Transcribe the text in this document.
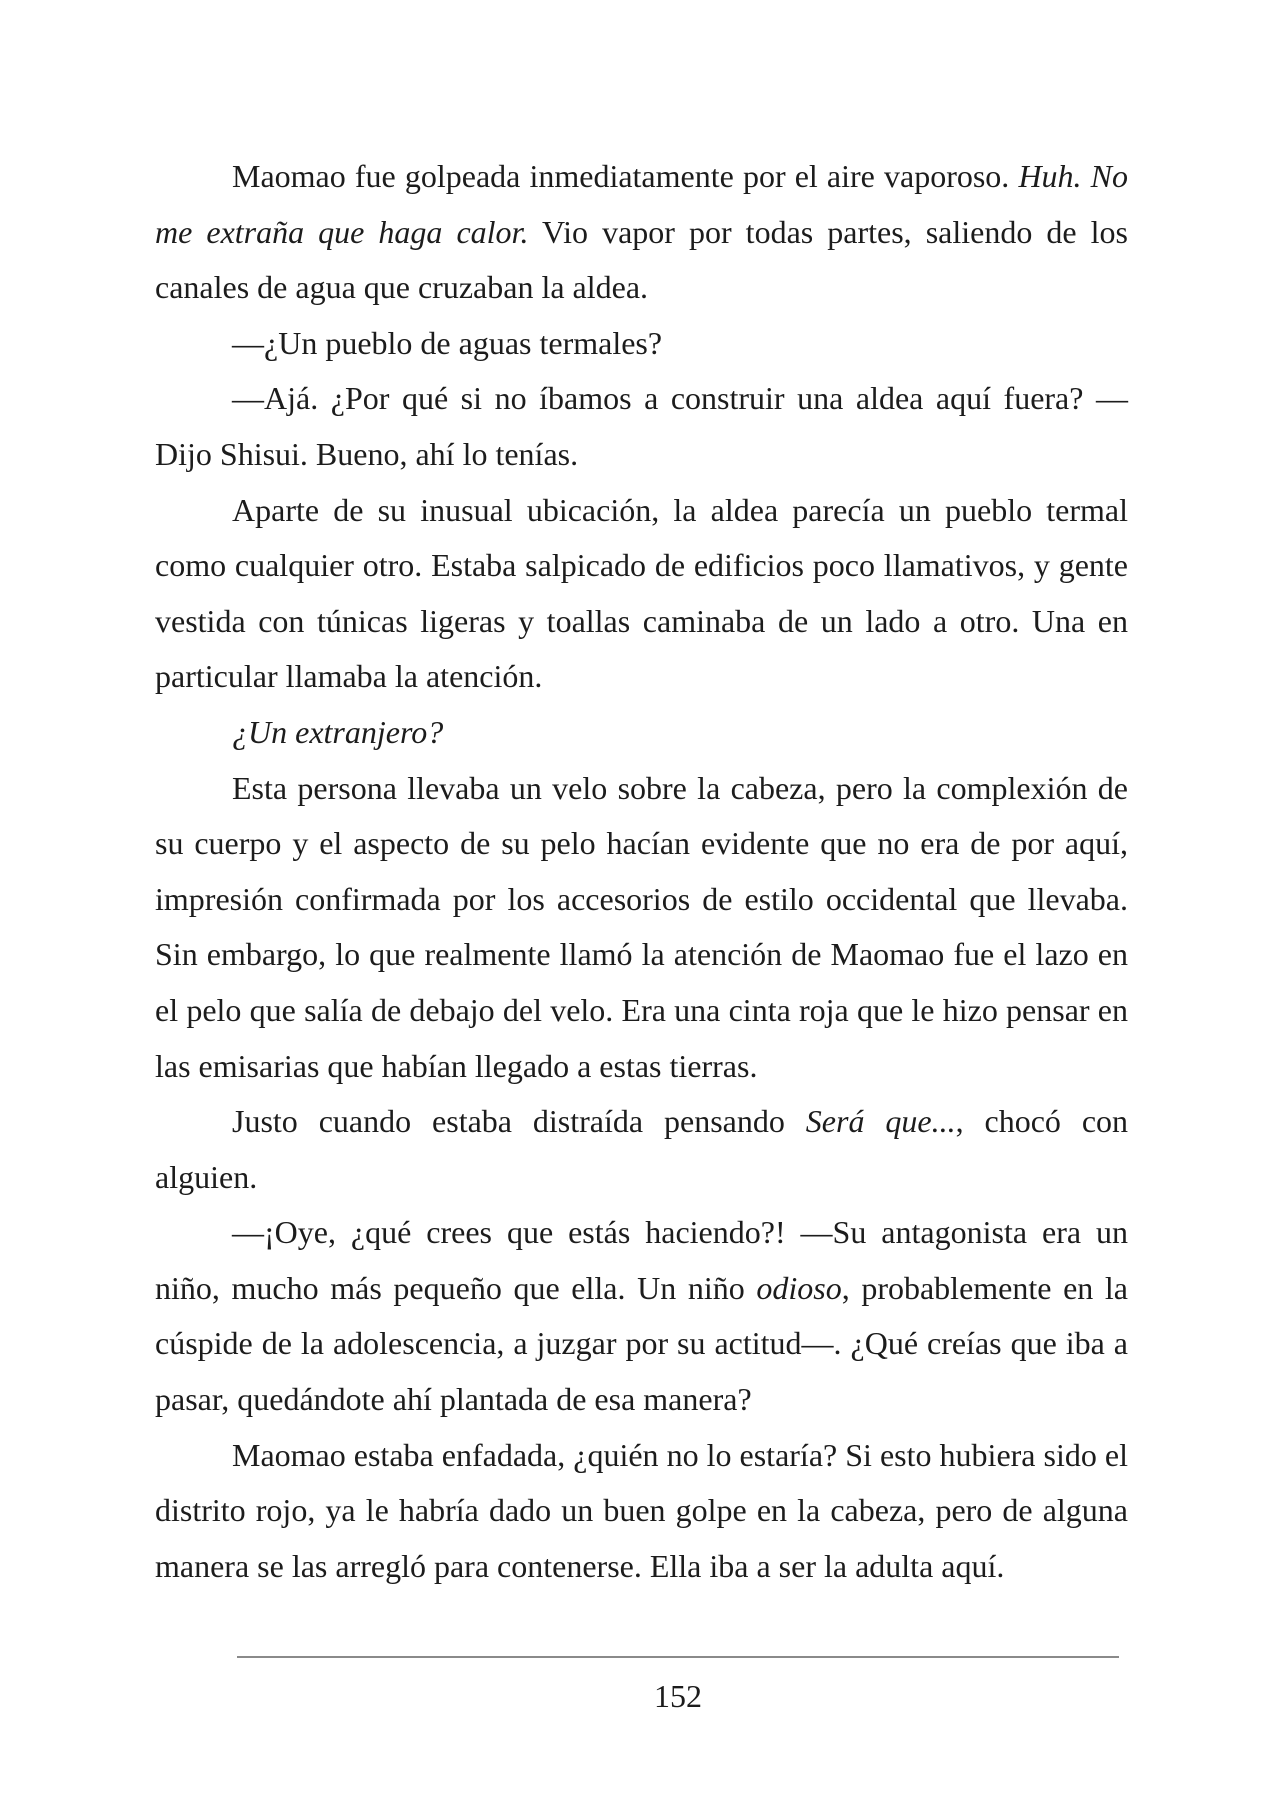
Maomao fue golpeada inmediatamente por el aire vaporoso. Huh. No me extraña que haga calor. Vio vapor por todas partes, saliendo de los canales de agua que cruzaban la aldea.

—¿Un pueblo de aguas termales?

—Ajá. ¿Por qué si no íbamos a construir una aldea aquí fuera? —Dijo Shisui. Bueno, ahí lo tenías.

Aparte de su inusual ubicación, la aldea parecía un pueblo termal como cualquier otro. Estaba salpicado de edificios poco llamativos, y gente vestida con túnicas ligeras y toallas caminaba de un lado a otro. Una en particular llamaba la atención.

¿Un extranjero?

Esta persona llevaba un velo sobre la cabeza, pero la complexión de su cuerpo y el aspecto de su pelo hacían evidente que no era de por aquí, impresión confirmada por los accesorios de estilo occidental que llevaba. Sin embargo, lo que realmente llamó la atención de Maomao fue el lazo en el pelo que salía de debajo del velo. Era una cinta roja que le hizo pensar en las emisarias que habían llegado a estas tierras.

Justo cuando estaba distraída pensando Será que..., chocó con alguien.

—¡Oye, ¿qué crees que estás haciendo?! —Su antagonista era un niño, mucho más pequeño que ella. Un niño odioso, probablemente en la cúspide de la adolescencia, a juzgar por su actitud—. ¿Qué creías que iba a pasar, quedándote ahí plantada de esa manera?

Maomao estaba enfadada, ¿quién no lo estaría? Si esto hubiera sido el distrito rojo, ya le habría dado un buen golpe en la cabeza, pero de alguna manera se las arregló para contenerse. Ella iba a ser la adulta aquí.

152
